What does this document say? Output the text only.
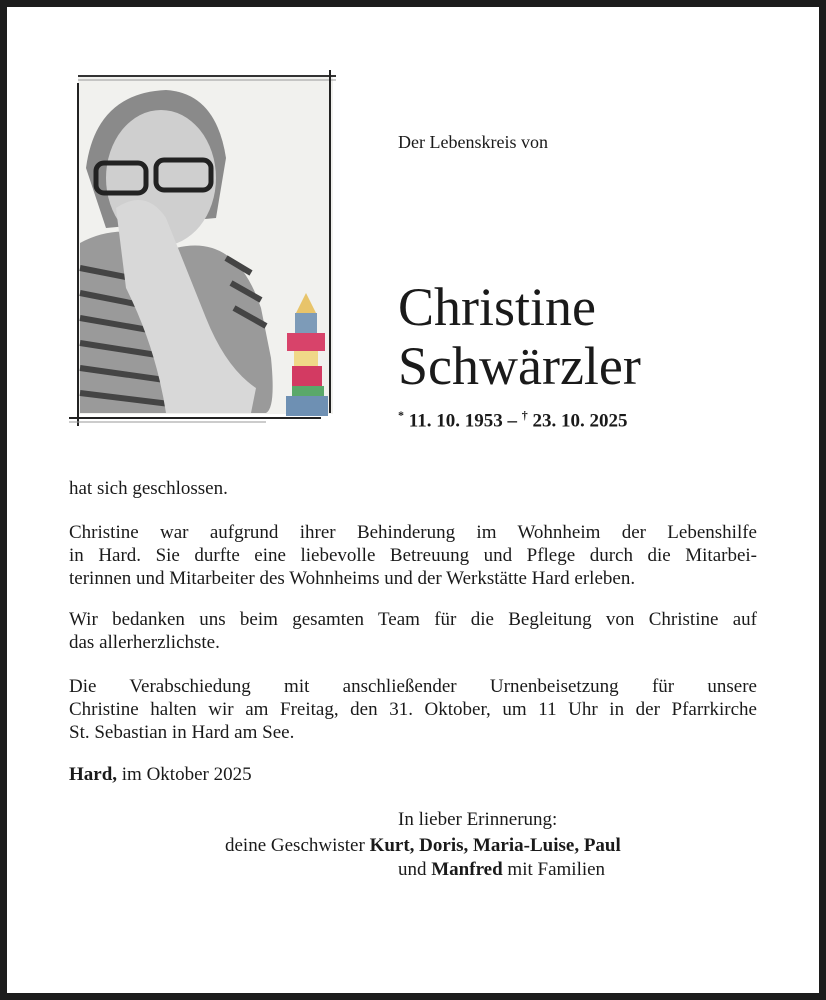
Der Lebenskreis von
Christine
Schwärzler
* 11. 10. 1953 – † 23. 10. 2025
hat sich geschlossen.
Christine war aufgrund ihrer Behinderung im Wohnheim der Lebenshilfe
in Hard. Sie durfte eine liebevolle Betreuung und Pflege durch die Mitarbei-
terinnen und Mitarbeiter des Wohnheims und der Werkstätte Hard erleben.
Wir bedanken uns beim gesamten Team für die Begleitung von Christine auf
das allerherzlichste.
Die Verabschiedung mit anschließender Urnenbeisetzung für unsere
Christine halten wir am Freitag, den 31. Oktober, um 11 Uhr in der Pfarrkirche
St. Sebastian in Hard am See.
Hard, im Oktober 2025
In lieber Erinnerung:
deine Geschwister Kurt, Doris, Maria-Luise, Paul
und Manfred mit Familien
